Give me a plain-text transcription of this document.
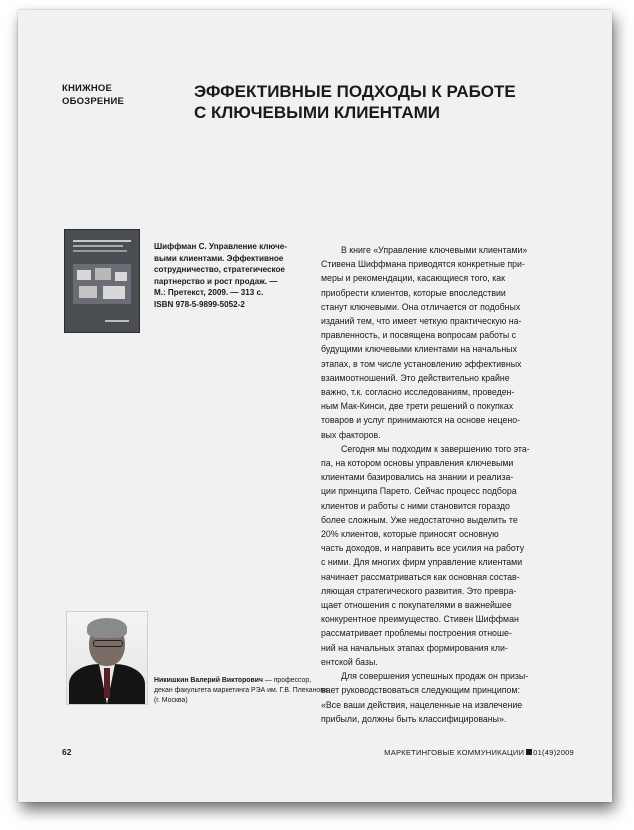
КНИЖНОЕ
ОБОЗРЕНИЕ
ЭФФЕКТИВНЫЕ ПОДХОДЫ К РАБОТЕ
С КЛЮЧЕВЫМИ КЛИЕНТАМИ
Шиффман С. Управление ключе-
выми клиентами. Эффективное
сотрудничество, стратегическое
партнерство и рост продаж. —
М.: Претекст, 2009. — 313 с.
ISBN 978-5-9899-5052-2
В книге «Управление ключевыми клиентами»
Стивена Шиффмана приводятся конкретные при-
меры и рекомендации, касающиеся того, как
приобрести клиентов, которые впоследствии
станут ключевыми. Она отличается от подобных
изданий тем, что имеет четкую практическую на-
правленность, и посвящена вопросам работы с
будущими ключевыми клиентами на начальных
этапах, в том числе установлению эффективных
взаимоотношений. Это действительно крайне
важно, т.к. согласно исследованиям, проведен-
ным Мак-Кинси, две трети решений о покупках
товаров и услуг принимаются на основе нецено-
вых факторов.
Сегодня мы подходим к завершению того эта-
па, на котором основы управления ключевыми
клиентами базировались на знании и реализа-
ции принципа Парето. Сейчас процесс подбора
клиентов и работы с ними становится гораздо
более сложным. Уже недостаточно выделить те
20% клиентов, которые приносят основную
часть доходов, и направить все усилия на работу
с ними. Для многих фирм управление клиентами
начинает рассматриваться как основная состав-
ляющая стратегического развития. Это превра-
щает отношения с покупателями в важнейшее
конкурентное преимущество. Стивен Шиффман
рассматривает проблемы построения отноше-
ний на начальных этапах формирования кли-
ентской базы.
Для совершения успешных продаж он призы-
вает руководствоваться следующим принципом:
«Все ваши действия, нацеленные на извлечение
прибыли, должны быть классифицированы».
Никишкин Валерий Викторович — профессор,
декан факультета маркетинга РЭА им. Г.В. Плеханова
(г. Москва)
62	МАРКЕТИНГОВЫЕ КОММУНИКАЦИИ 01(49)2009
